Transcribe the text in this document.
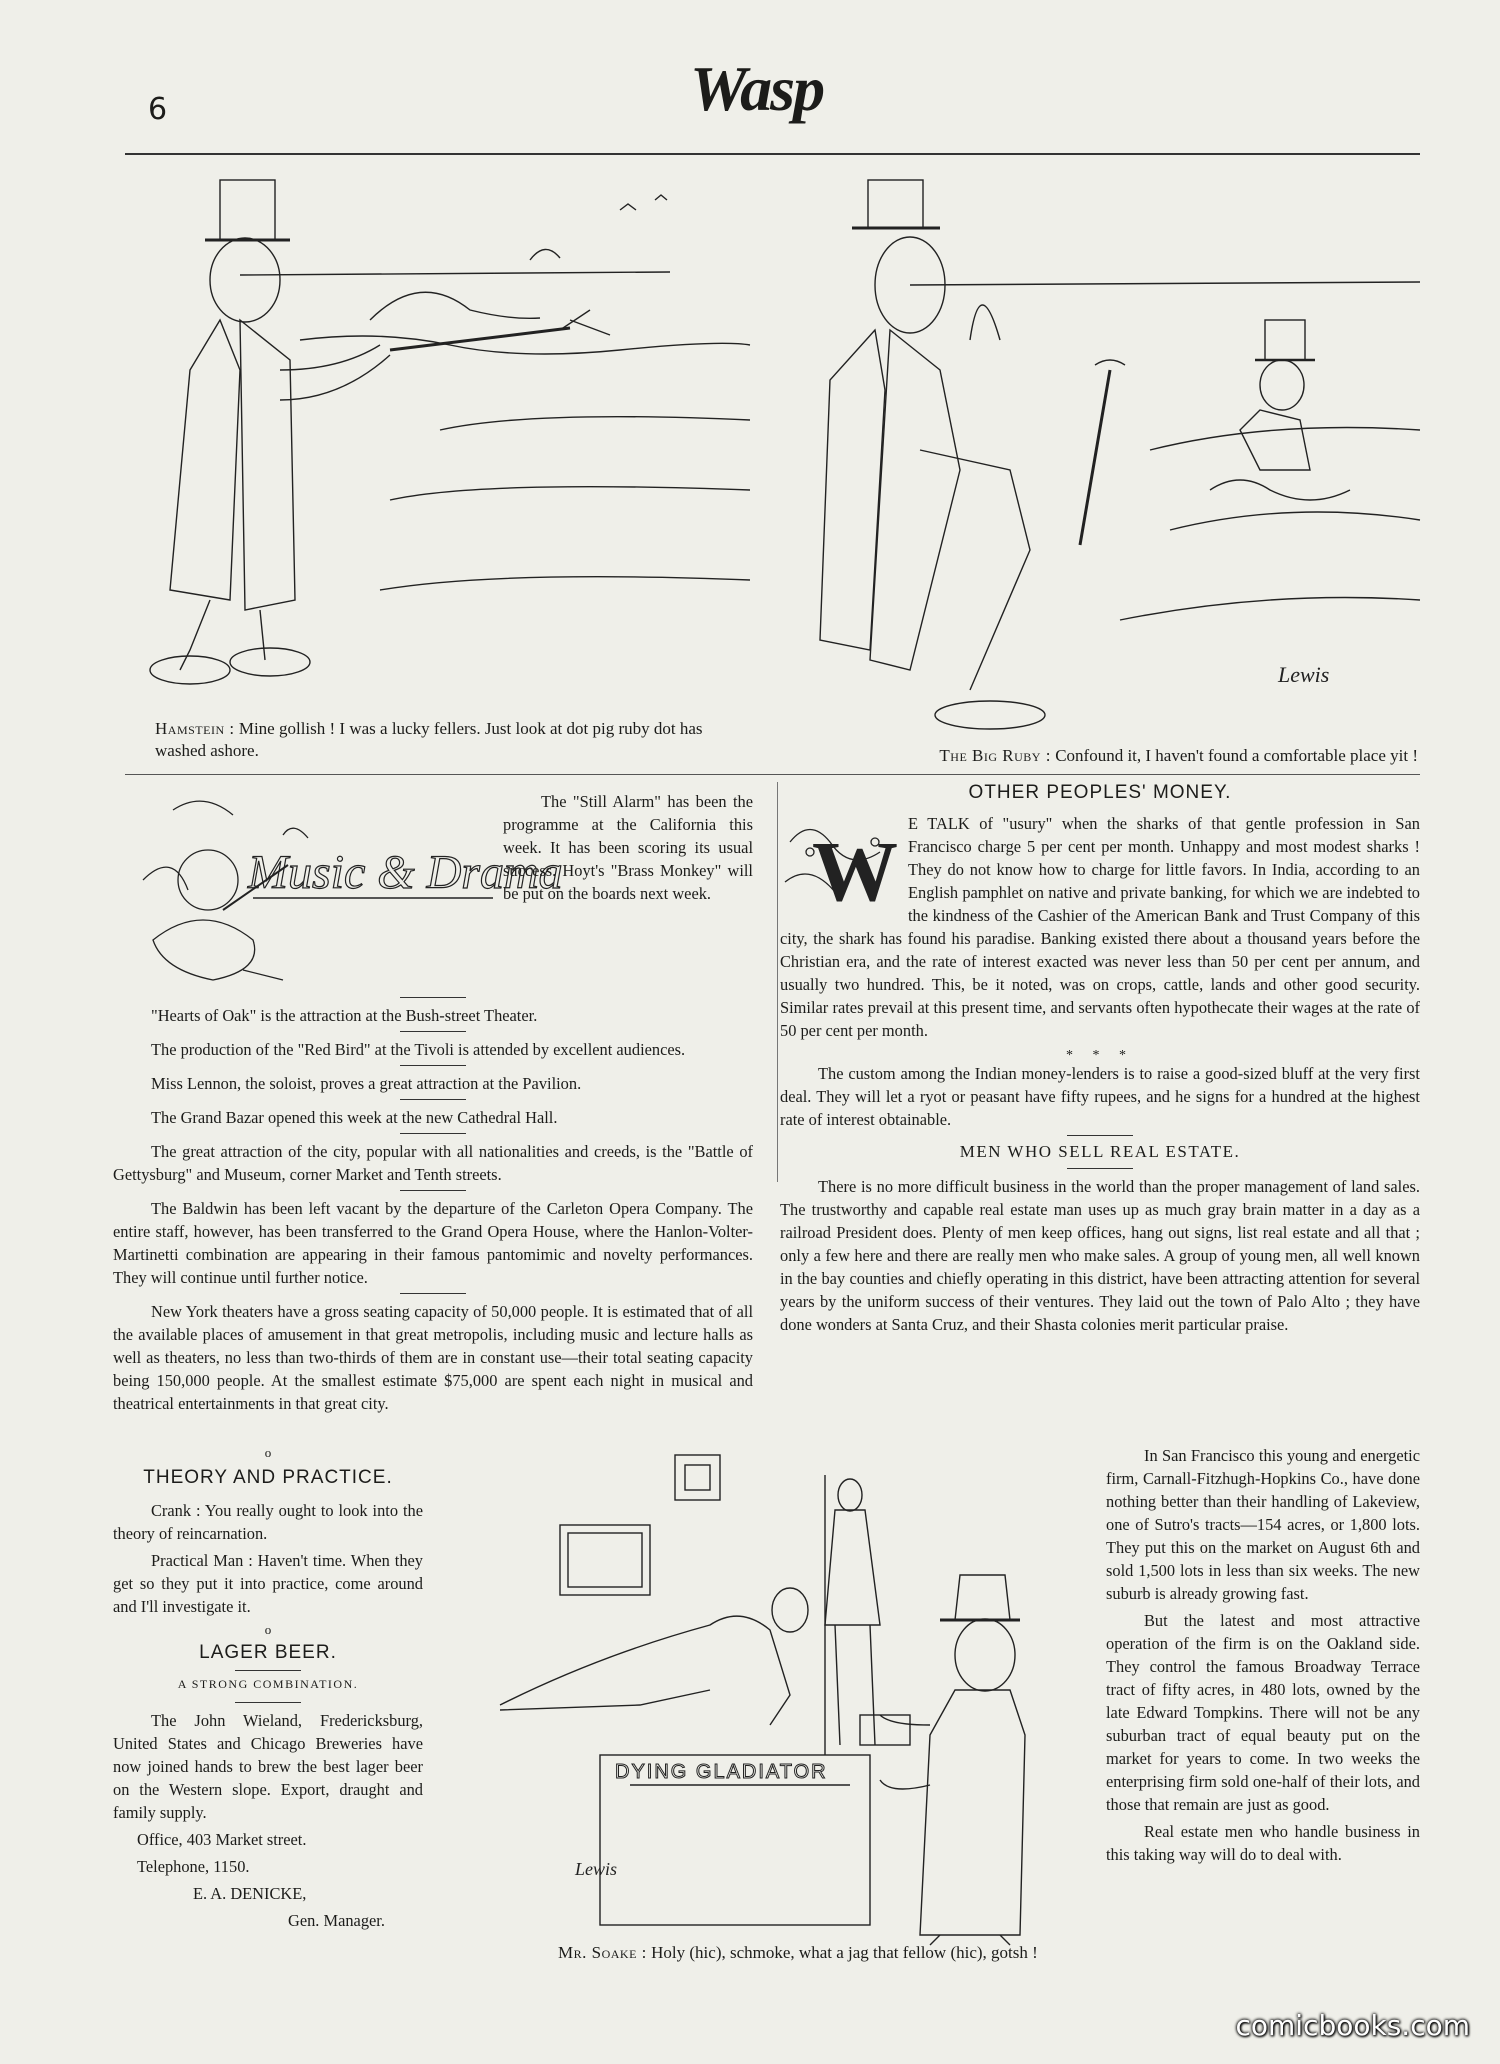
6	Wasp
Hamstein : Mine gollish ! I was a lucky fellers. Just look at dot pig ruby dot has washed ashore.
Lewis
The Big Ruby : Confound it, I haven't found a comfortable place yit !
Music & Drama

The "Still Alarm" has been the programme at the California this week. It has been scoring its usual success. Hoyt's "Brass Monkey" will be put on the boards next week.

"Hearts of Oak" is the attraction at the Bush-street Theater.

The production of the "Red Bird" at the Tivoli is attended by excellent audiences.

Miss Lennon, the soloist, proves a great attraction at the Pavilion.

The Grand Bazar opened this week at the new Cathedral Hall.

The great attraction of the city, popular with all nationalities and creeds, is the "Battle of Gettysburg" and Museum, corner Market and Tenth streets.

The Baldwin has been left vacant by the departure of the Carleton Opera Company. The entire staff, however, has been transferred to the Grand Opera House, where the Hanlon-Volter-Martinetti combination are appearing in their famous pantomimic and novelty performances. They will continue until further notice.

New York theaters have a gross seating capacity of 50,000 people. It is estimated that of all the available places of amusement in that great metropolis, including music and lecture halls as well as theaters, no less than two-thirds of them are in constant use—their total seating capacity being 150,000 people. At the smallest estimate $75,000 are spent each night in musical and theatrical entertainments in that great city.

o
THEORY AND PRACTICE.

Crank : You really ought to look into the theory of reincarnation.

Practical Man : Haven't time. When they get so they put it into practice, come around and I'll investigate it.

o
LAGER BEER.
A STRONG COMBINATION.

The John Wieland, Fredericksburg, United States and Chicago Breweries have now joined hands to brew the best lager beer on the Western slope. Export, draught and family supply.

Office, 403 Market street.

Telephone, 1150.

E. A. DENICKE,

Gen. Manager.

DYING GLADIATOR
Lewis
Mr. Soake : Holy (hic), schmoke, what a jag that fellow (hic), gotsh !
OTHER PEOPLES' MONEY.
W E TALK of "usury" when the sharks of that gentle profession in San Francisco charge 5 per cent per month. Unhappy and most modest sharks ! They do not know how to charge for little favors. In India, according to an English pamphlet on native and private banking, for which we are indebted to the kindness of the Cashier of the American Bank and Trust Company of this city, the shark has found his paradise. Banking existed there about a thousand years before the Christian era, and the rate of interest exacted was never less than 50 per cent per annum, and usually two hundred. This, be it noted, was on crops, cattle, lands and other good security. Similar rates prevail at this present time, and servants often hypothecate their wages at the rate of 50 per cent per month.

* * *

The custom among the Indian money-lenders is to raise a good-sized bluff at the very first deal. They will let a ryot or peasant have fifty rupees, and he signs for a hundred at the highest rate of interest obtainable.

MEN WHO SELL REAL ESTATE.

There is no more difficult business in the world than the proper management of land sales. The trustworthy and capable real estate man uses up as much gray brain matter in a day as a railroad President does. Plenty of men keep offices, hang out signs, list real estate and all that ; only a few here and there are really men who make sales. A group of young men, all well known in the bay counties and chiefly operating in this district, have been attracting attention for several years by the uniform success of their ventures. They laid out the town of Palo Alto ; they have done wonders at Santa Cruz, and their Shasta colonies merit particular praise.

In San Francisco this young and energetic firm, Carnall-Fitzhugh-Hopkins Co., have done nothing better than their handling of Lakeview, one of Sutro's tracts—154 acres, or 1,800 lots. They put this on the market on August 6th and sold 1,500 lots in less than six weeks. The new suburb is already growing fast.

But the latest and most attractive operation of the firm is on the Oakland side. They control the famous Broadway Terrace tract of fifty acres, in 480 lots, owned by the late Edward Tompkins. There will not be any suburban tract of equal beauty put on the market for years to come. In two weeks the enterprising firm sold one-half of their lots, and those that remain are just as good.

Real estate men who handle business in this taking way will do to deal with.

comicbooks.com
